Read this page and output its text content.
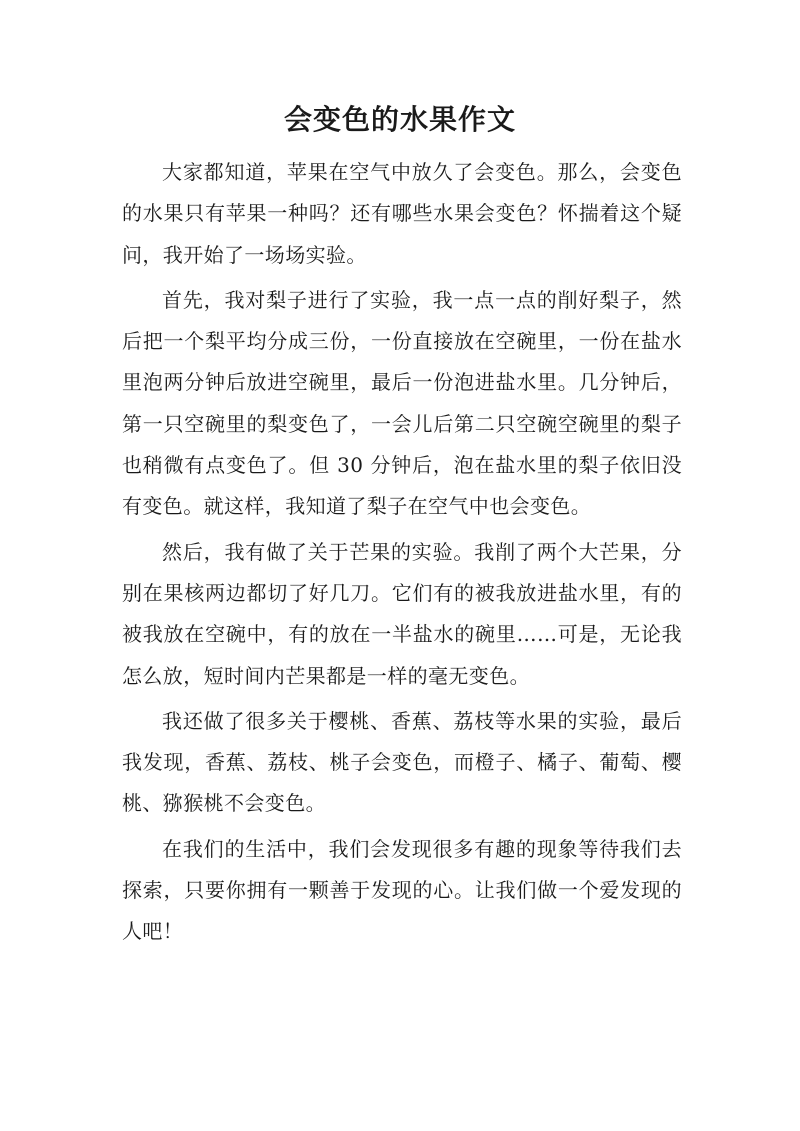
会变色的水果作文

大家都知道，苹果在空气中放久了会变色。那么，会变色的水果只有苹果一种吗？还有哪些水果会变色？怀揣着这个疑问，我开始了一场场实验。

首先，我对梨子进行了实验，我一点一点的削好梨子，然后把一个梨平均分成三份，一份直接放在空碗里，一份在盐水里泡两分钟后放进空碗里，最后一份泡进盐水里。几分钟后，第一只空碗里的梨变色了，一会儿后第二只空碗空碗里的梨子也稍微有点变色了。但 30 分钟后，泡在盐水里的梨子依旧没有变色。就这样，我知道了梨子在空气中也会变色。

然后，我有做了关于芒果的实验。我削了两个大芒果，分别在果核两边都切了好几刀。它们有的被我放进盐水里，有的被我放在空碗中，有的放在一半盐水的碗里……可是，无论我怎么放，短时间内芒果都是一样的毫无变色。

我还做了很多关于樱桃、香蕉、荔枝等水果的实验，最后我发现，香蕉、荔枝、桃子会变色，而橙子、橘子、葡萄、樱桃、猕猴桃不会变色。

在我们的生活中，我们会发现很多有趣的现象等待我们去探索，只要你拥有一颗善于发现的心。让我们做一个爱发现的人吧！
